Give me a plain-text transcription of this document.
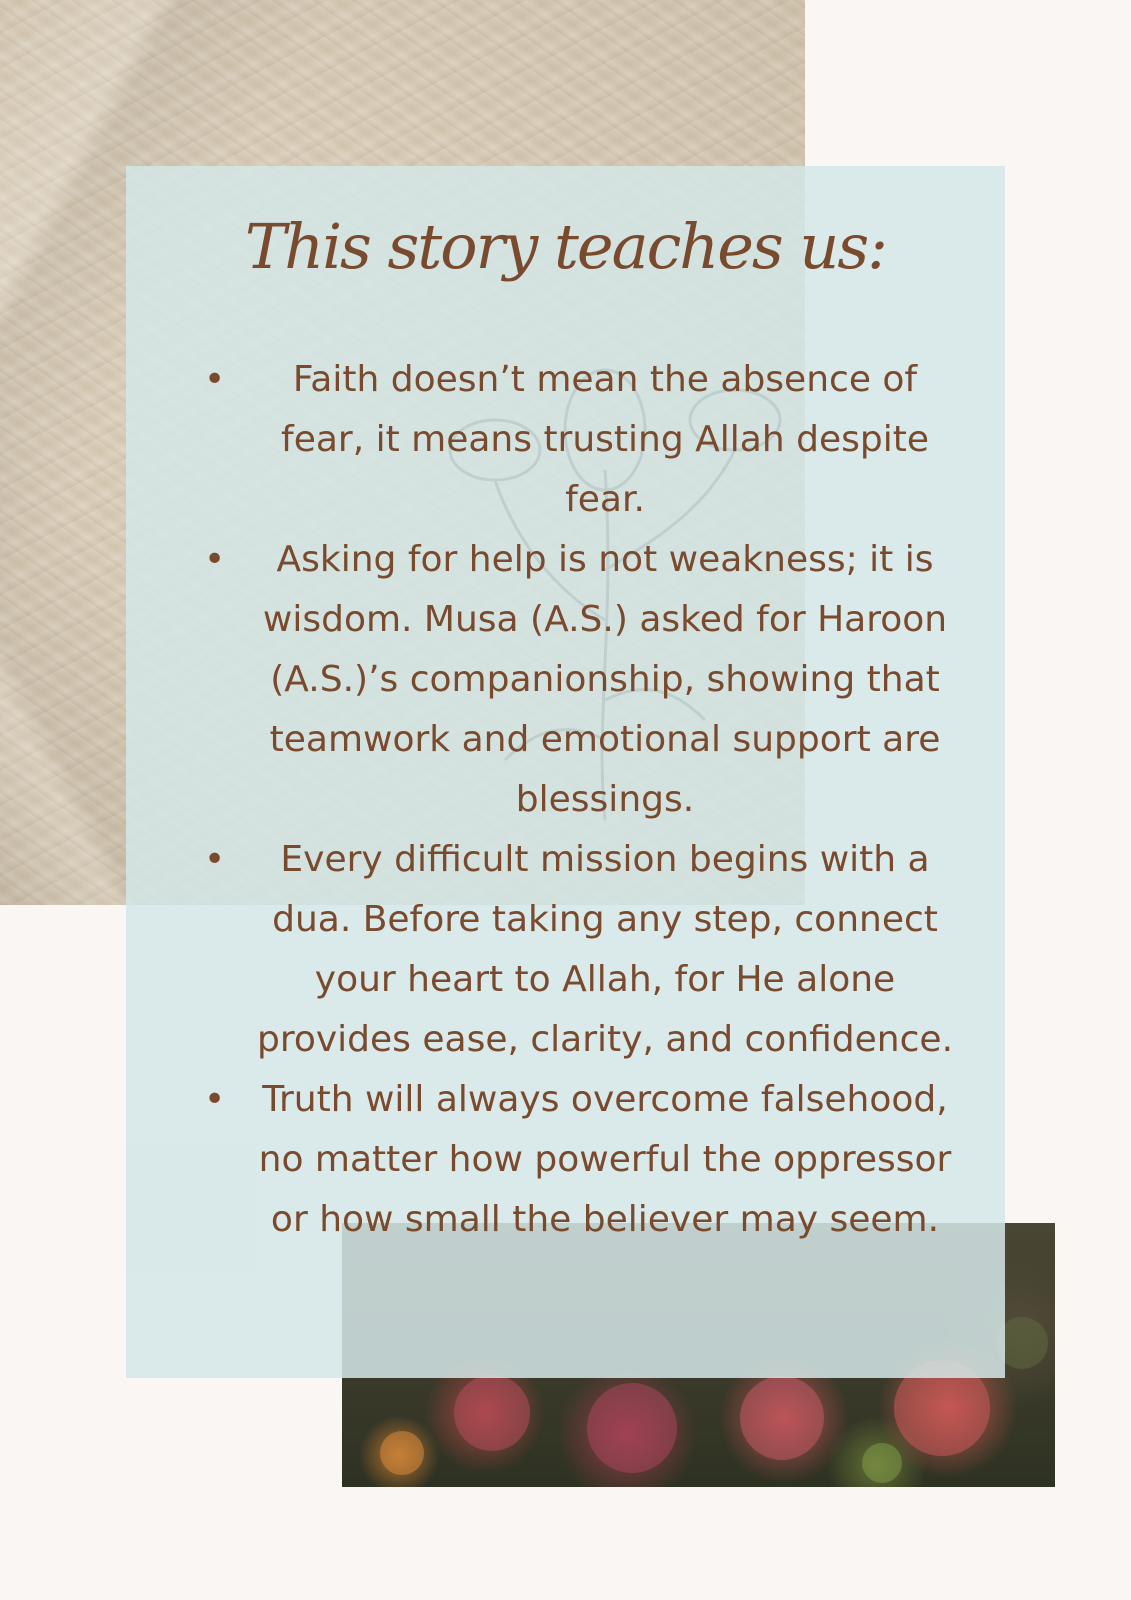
This story teaches us:
• Faith doesn’t mean the absence of fear, it means trusting Allah despite fear.
• Asking for help is not weakness; it is wisdom. Musa (A.S.) asked for Haroon (A.S.)’s companionship, showing that teamwork and emotional support are blessings.
• Every difficult mission begins with a dua. Before taking any step, connect your heart to Allah, for He alone provides ease, clarity, and confidence.
• Truth will always overcome falsehood, no matter how powerful the oppressor or how small the believer may seem.
